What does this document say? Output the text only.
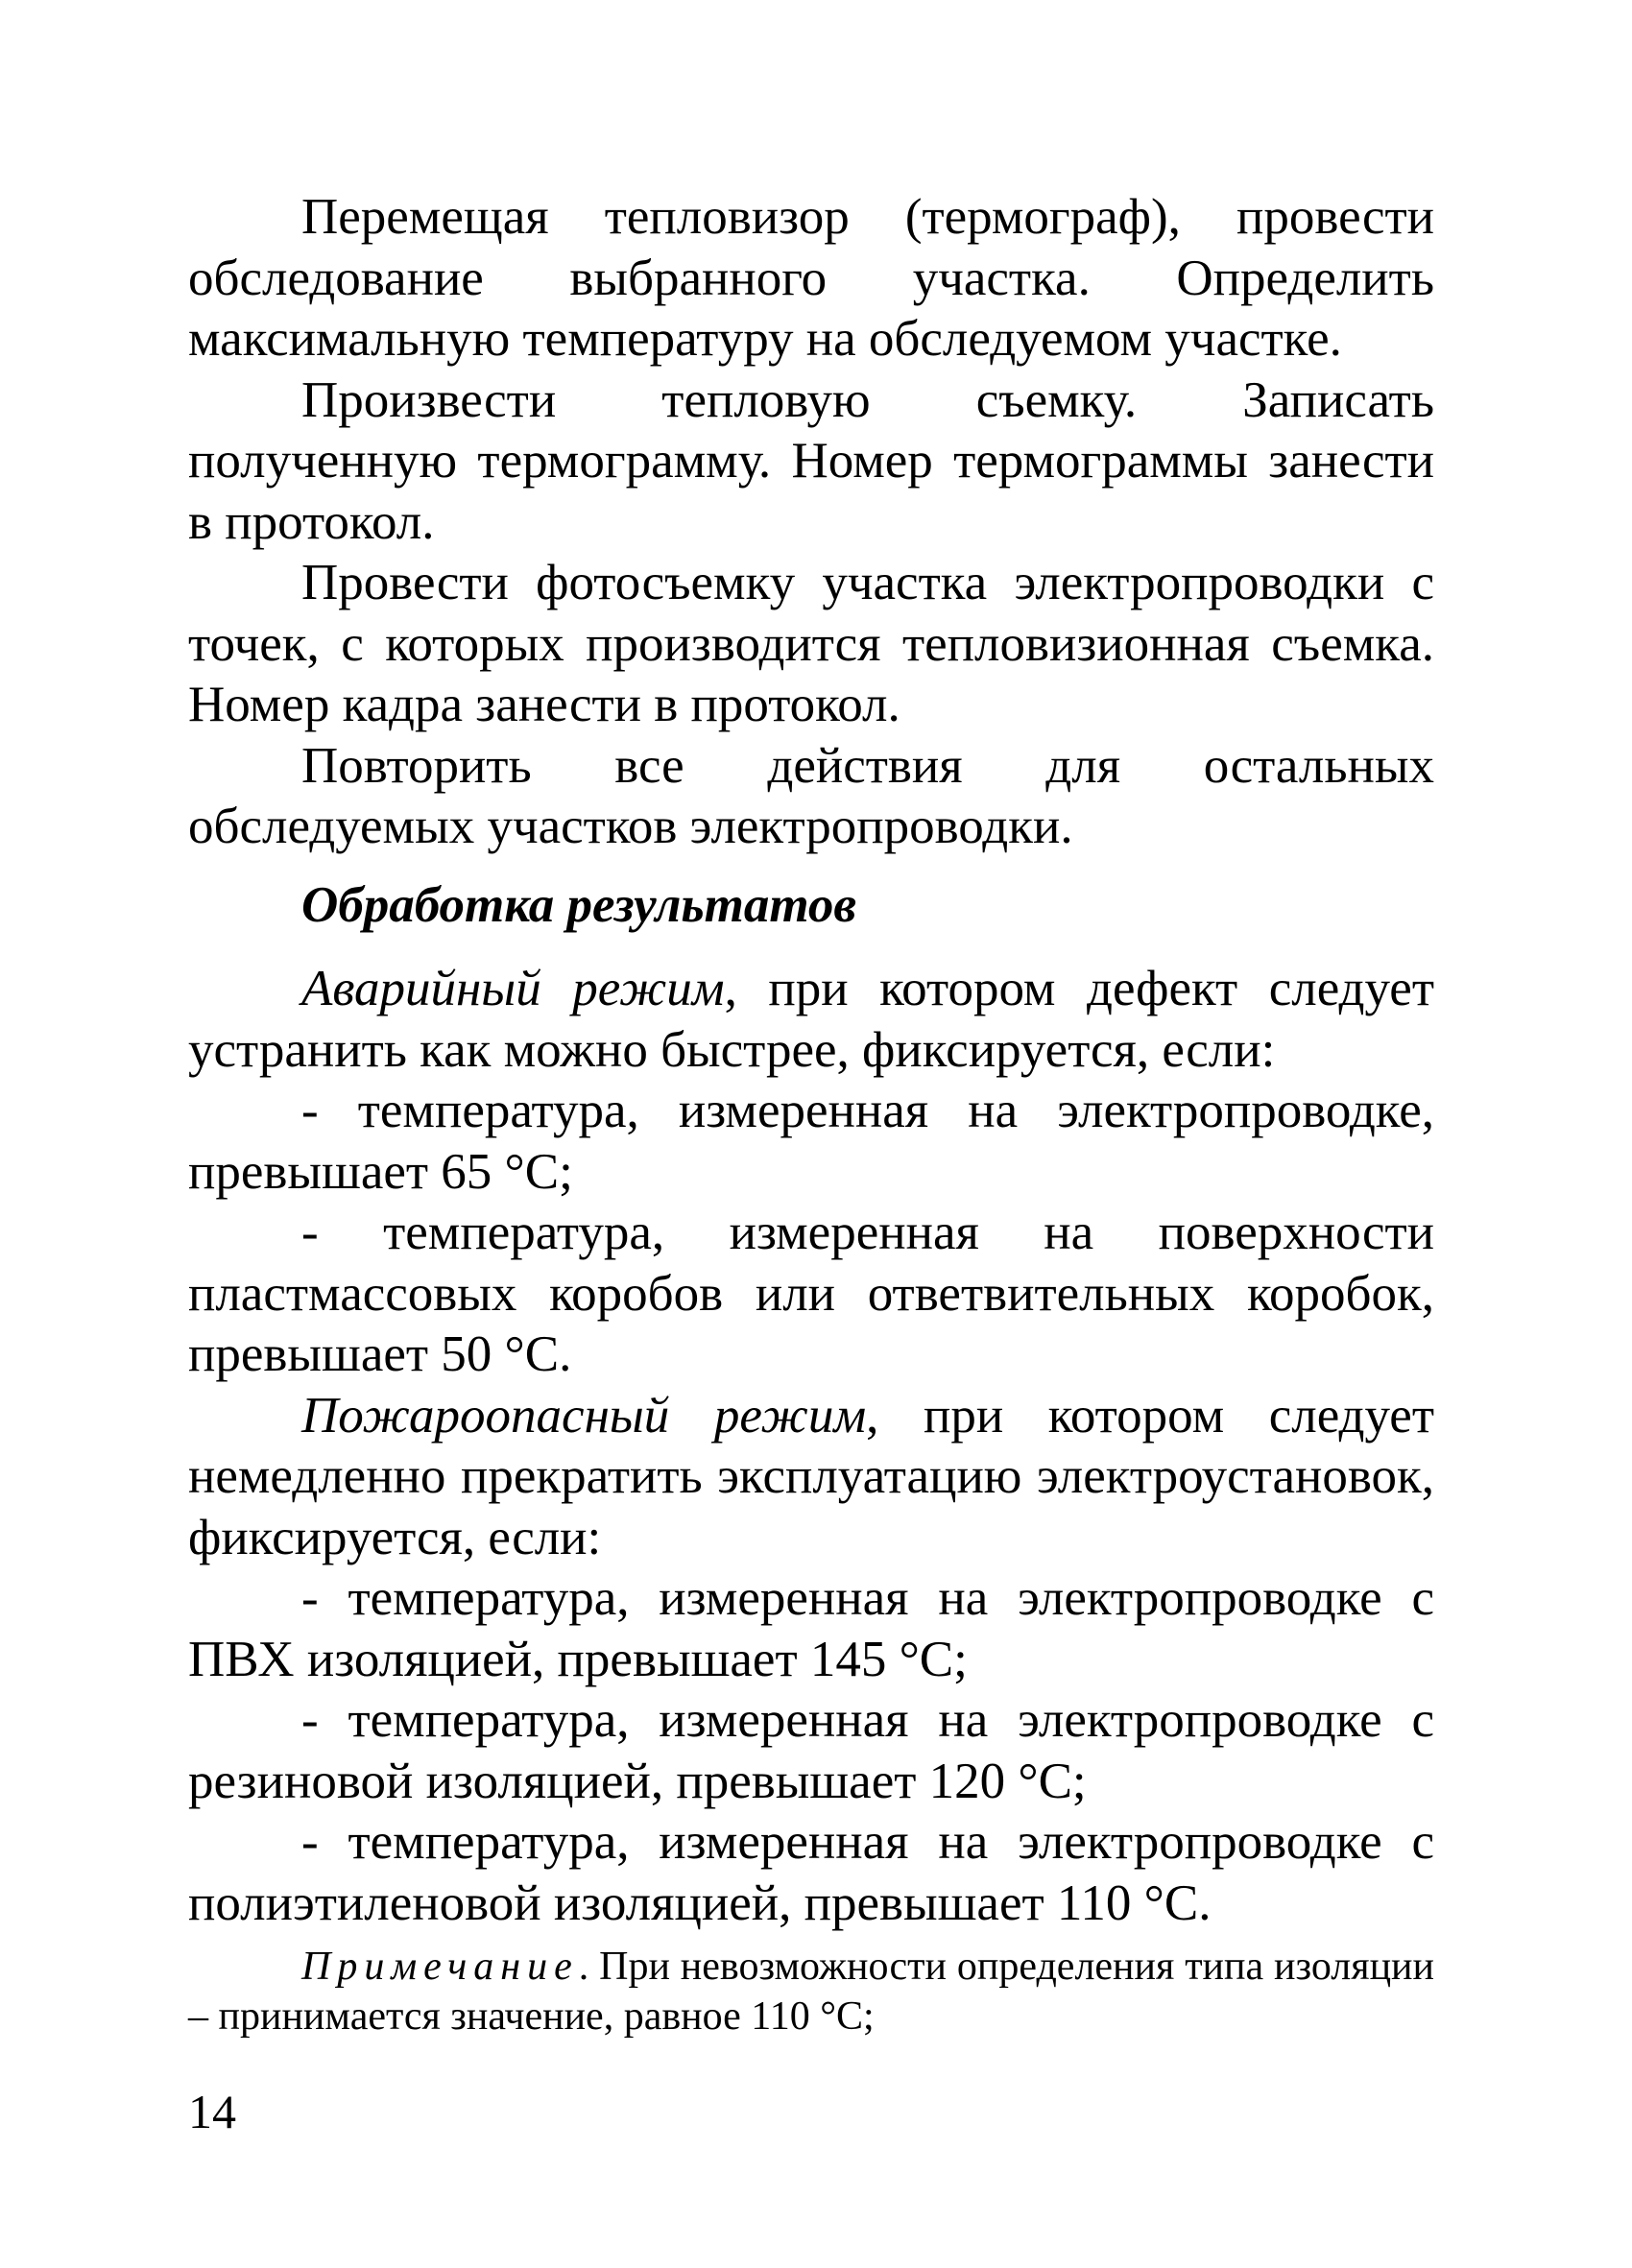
Перемещая тепловизор (термограф), провести обследование выбранного участка. Определить максимальную температуру на обследуемом участке.

Произвести тепловую съемку. Записать полученную термограмму. Номер термограммы занести в протокол.

Провести фотосъемку участка электропроводки с точек, с которых производится тепловизионная съемка. Номер кадра занести в протокол.

Повторить все действия для остальных обследуемых участков электропроводки.

Обработка результатов

Аварийный режим, при котором дефект следует устранить как можно быстрее, фиксируется, если:

- температура, измеренная на электропроводке, превышает 65 °С;

- температура, измеренная на поверхности пластмассовых коробов или ответвительных коробок, превышает 50 °С.

Пожароопасный режим, при котором следует немедленно прекратить эксплуатацию электроустановок, фиксируется, если:

- температура, измеренная на электропроводке с ПВХ изоляцией, превышает 145 °С;

- температура, измеренная на электропроводке с резиновой изоляцией, превышает 120 °С;

- температура, измеренная на электропроводке с полиэтиленовой изоляцией, превышает 110 °С.

Примечание. При невозможности определения типа изоляции – принимается значение, равное 110 °С;

14
